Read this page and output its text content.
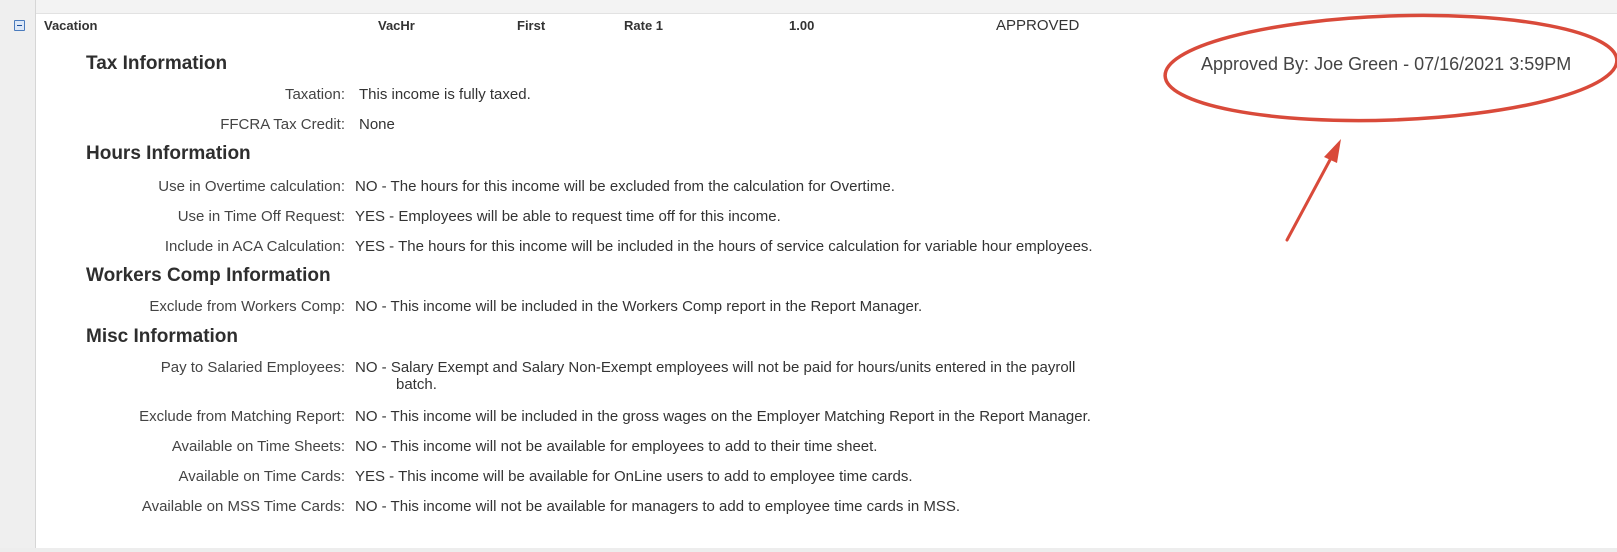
Vacation	VacHr	First	Rate 1	1.00	APPROVED
Tax Information
Taxation: This income is fully taxed.
FFCRA Tax Credit: None
Hours Information
Use in Overtime calculation: NO - The hours for this income will be excluded from the calculation for Overtime.
Use in Time Off Request: YES - Employees will be able to request time off for this income.
Include in ACA Calculation: YES - The hours for this income will be included in the hours of service calculation for variable hour employees.
Workers Comp Information
Exclude from Workers Comp: NO - This income will be included in the Workers Comp report in the Report Manager.
Misc Information
Pay to Salaried Employees: NO - Salary Exempt and Salary Non-Exempt employees will not be paid for hours/units entered in the payroll
batch.
Exclude from Matching Report: NO - This income will be included in the gross wages on the Employer Matching Report in the Report Manager.
Available on Time Sheets: NO - This income will not be available for employees to add to their time sheet.
Available on Time Cards: YES - This income will be available for OnLine users to add to employee time cards.
Available on MSS Time Cards: NO - This income will not be available for managers to add to employee time cards in MSS.
Approved By: Joe Green - 07/16/2021 3:59PM
